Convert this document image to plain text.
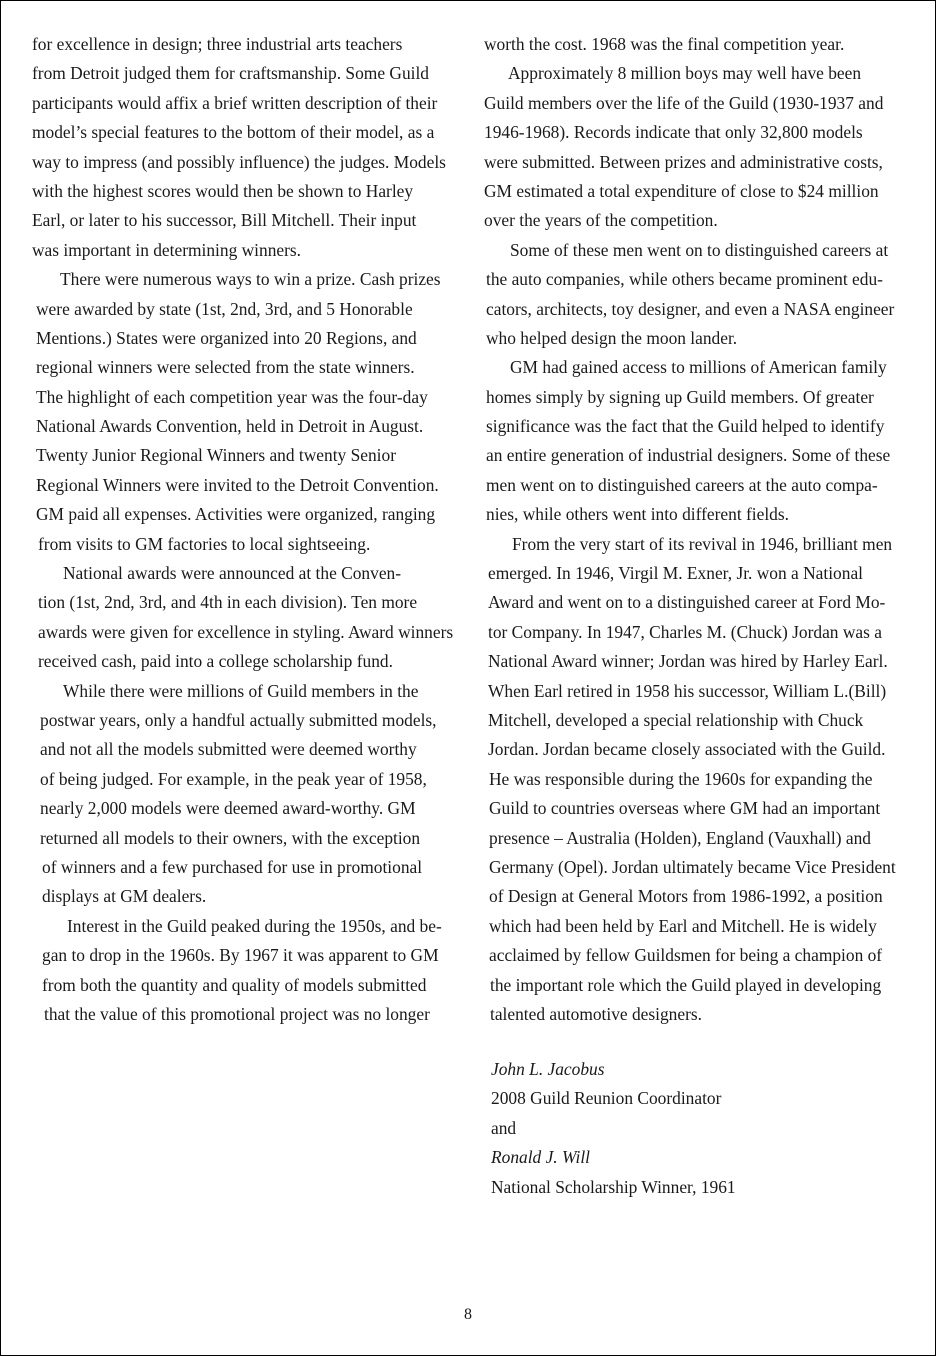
for excellence in design; three industrial arts teachers
from Detroit judged them for craftsmanship. Some Guild
participants would affix a brief written description of their
model’s special features to the bottom of their model, as a
way to impress (and possibly influence) the judges. Models
with the highest scores would then be shown to Harley
Earl, or later to his successor, Bill Mitchell. Their input
was important in determining winners.
There were numerous ways to win a prize. Cash prizes
were awarded by state (1st, 2nd, 3rd, and 5 Honorable
Mentions.) States were organized into 20 Regions, and
regional winners were selected from the state winners.
The highlight of each competition year was the four-day
National Awards Convention, held in Detroit in August.
Twenty Junior Regional Winners and twenty Senior
Regional Winners were invited to the Detroit Convention.
GM paid all expenses. Activities were organized, ranging
from visits to GM factories to local sightseeing.
National awards were announced at the Conven-
tion (1st, 2nd, 3rd, and 4th in each division). Ten more
awards were given for excellence in styling. Award winners
received cash, paid into a college scholarship fund.
While there were millions of Guild members in the
postwar years, only a handful actually submitted models,
and not all the models submitted were deemed worthy
of being judged. For example, in the peak year of 1958,
nearly 2,000 models were deemed award-worthy. GM
returned all models to their owners, with the exception
of winners and a few purchased for use in promotional
displays at GM dealers.
Interest in the Guild peaked during the 1950s, and be-
gan to drop in the 1960s. By 1967 it was apparent to GM
from both the quantity and quality of models submitted
that the value of this promotional project was no longer
worth the cost. 1968 was the final competition year.
Approximately 8 million boys may well have been
Guild members over the life of the Guild (1930-1937 and
1946-1968). Records indicate that only 32,800 models
were submitted. Between prizes and administrative costs,
GM estimated a total expenditure of close to $24 million
over the years of the competition.
Some of these men went on to distinguished careers at
the auto companies, while others became prominent edu-
cators, architects, toy designer, and even a NASA engineer
who helped design the moon lander.
GM had gained access to millions of American family
homes simply by signing up Guild members. Of greater
significance was the fact that the Guild helped to identify
an entire generation of industrial designers. Some of these
men went on to distinguished careers at the auto compa-
nies, while others went into different fields.
From the very start of its revival in 1946, brilliant men
emerged. In 1946, Virgil M. Exner, Jr. won a National
Award and went on to a distinguished career at Ford Mo-
tor Company. In 1947, Charles M. (Chuck) Jordan was a
National Award winner; Jordan was hired by Harley Earl.
When Earl retired in 1958 his successor, William L.(Bill)
Mitchell, developed a special relationship with Chuck
Jordan. Jordan became closely associated with the Guild.
He was responsible during the 1960s for expanding the
Guild to countries overseas where GM had an important
presence – Australia (Holden), England (Vauxhall) and
Germany (Opel). Jordan ultimately became Vice President
of Design at General Motors from 1986-1992, a position
which had been held by Earl and Mitchell. He is widely
acclaimed by fellow Guildsmen for being a champion of
the important role which the Guild played in developing
talented automotive designers.
John L. Jacobus
2008 Guild Reunion Coordinator
and
Ronald J. Will
National Scholarship Winner, 1961
8
